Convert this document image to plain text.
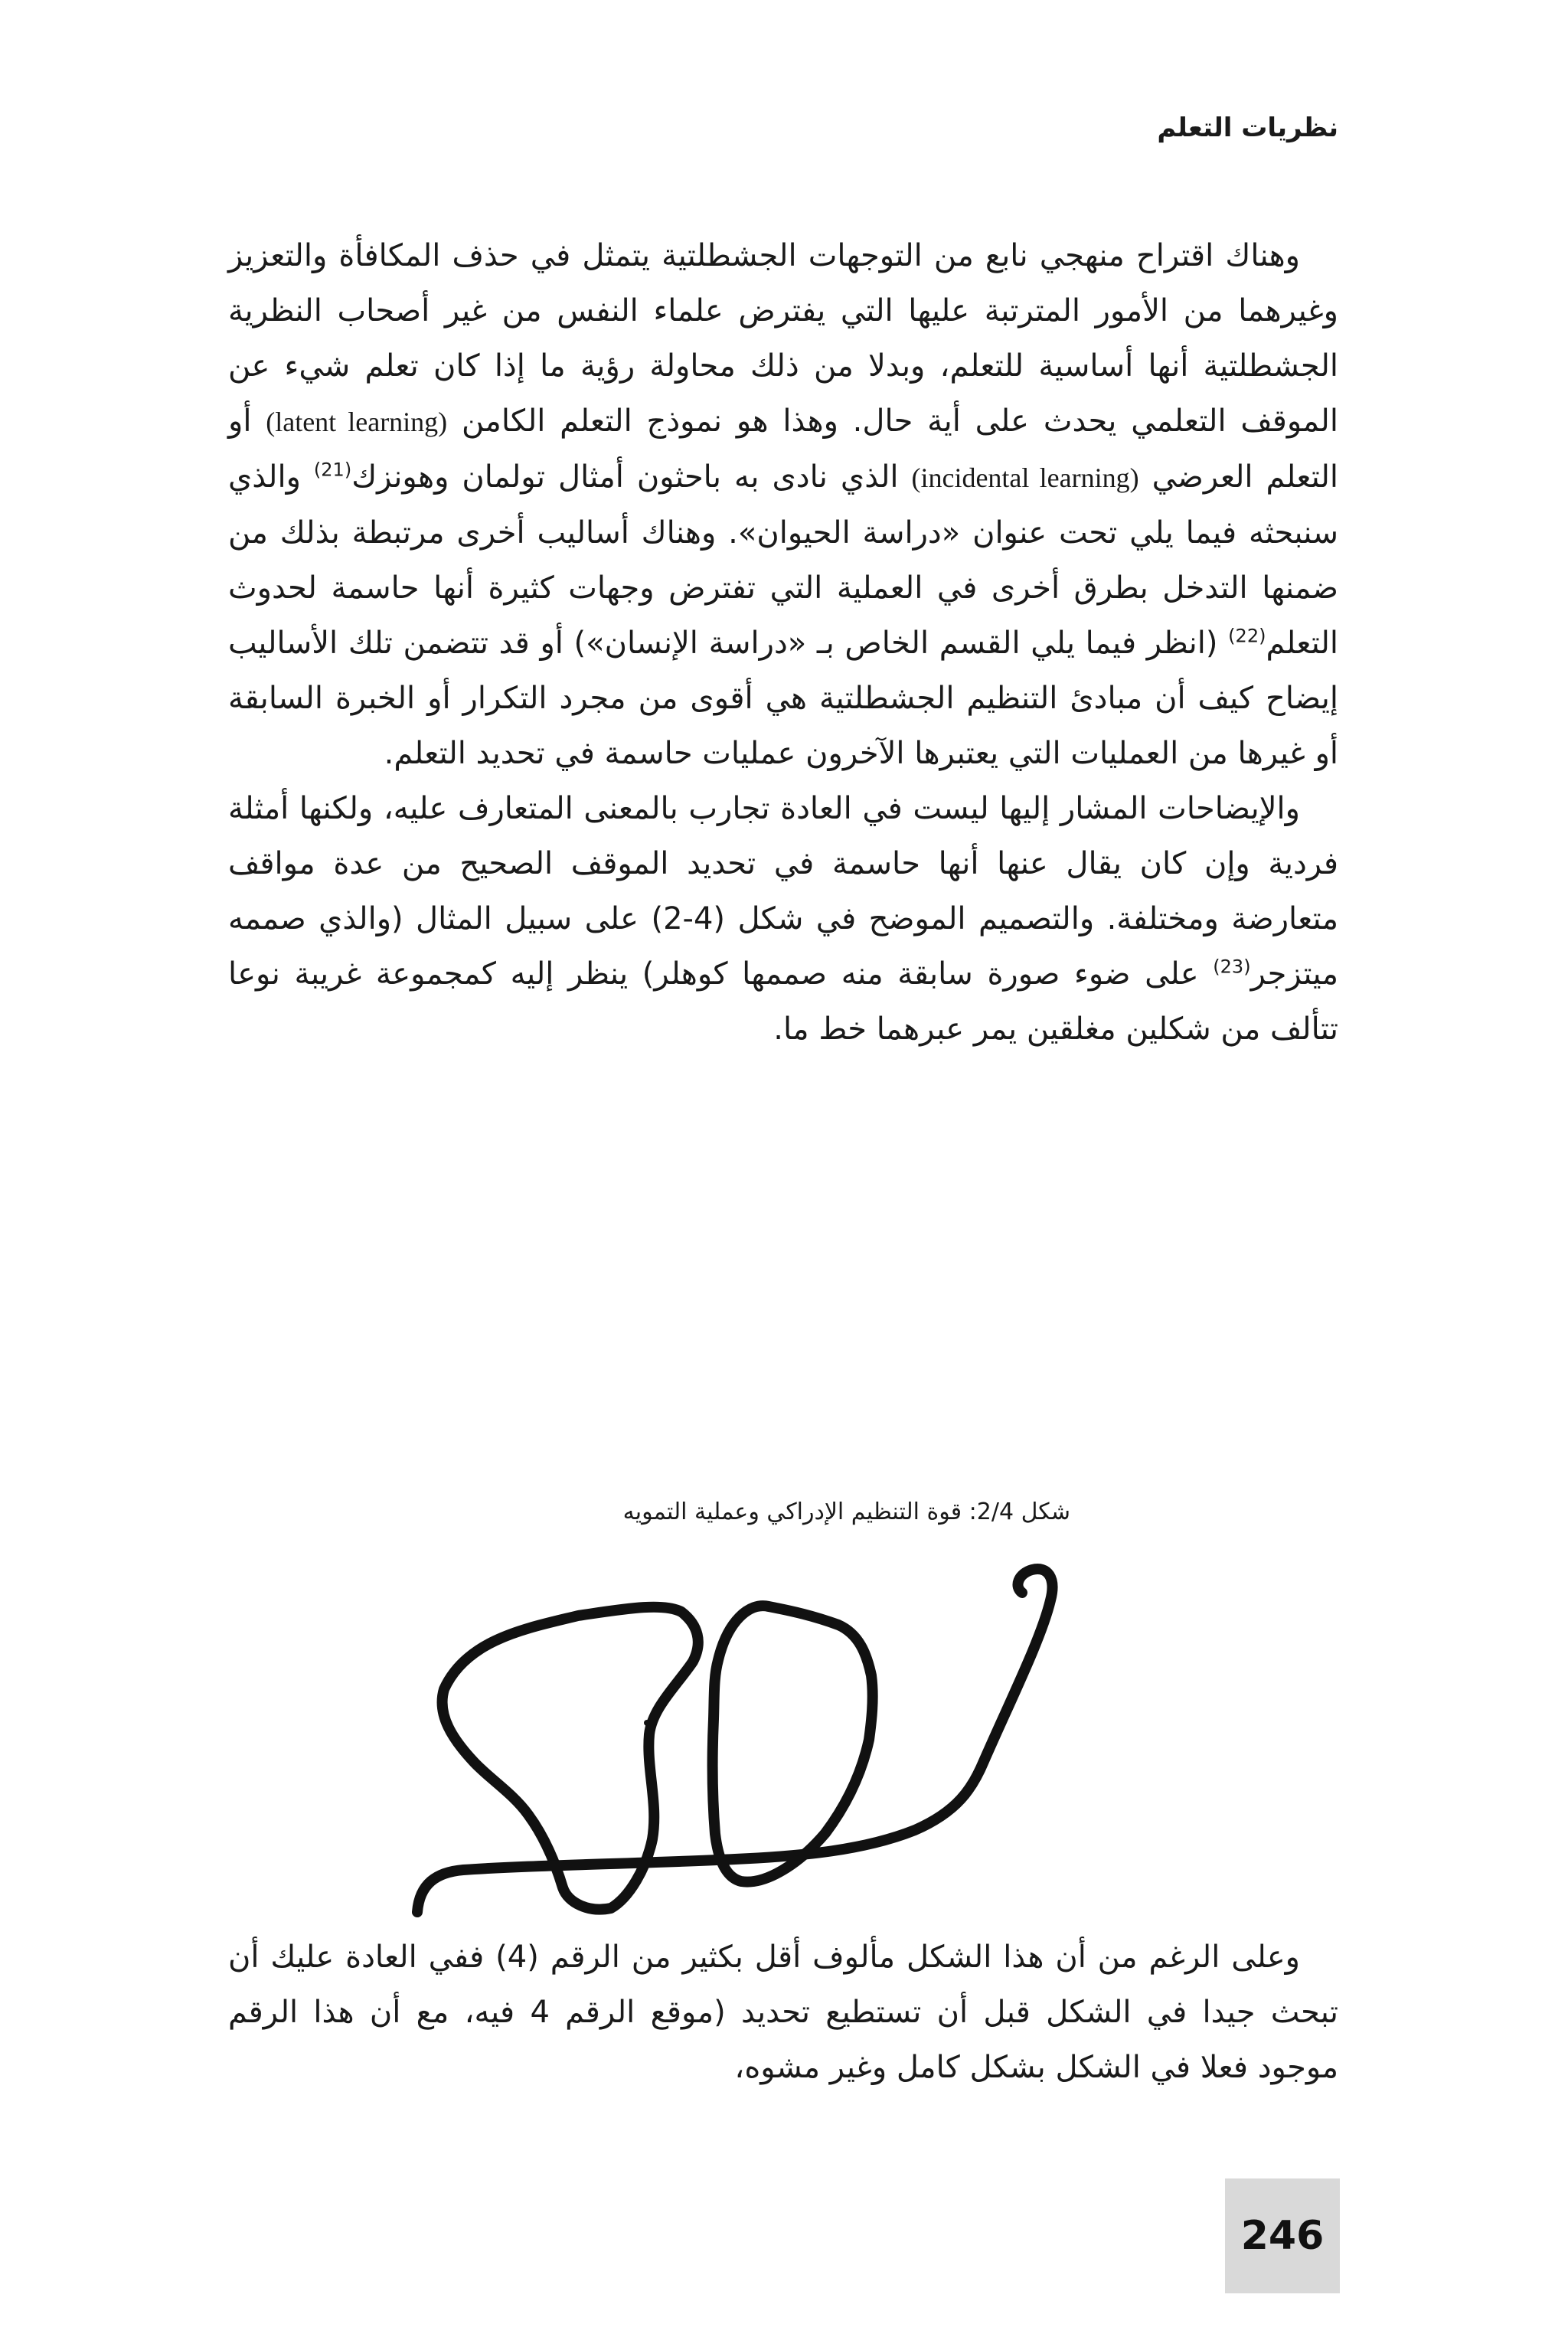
نظريات التعلم

وهناك اقتراح منهجي نابع من التوجهات الجشطلتية يتمثل في حذف المكافأة والتعزيز وغيرهما من الأمور المترتبة عليها التي يفترض علماء النفس من غير أصحاب النظرية الجشطلتية أنها أساسية للتعلم، وبدلا من ذلك محاولة رؤية ما إذا كان تعلم شيء عن الموقف التعلمي يحدث على أية حال. وهذا هو نموذج التعلم الكامن (latent learning) أو التعلم العرضي (incidental learning) الذي نادى به باحثون أمثال تولمان وهونزك$^{(21)}$ والذي سنبحثه فيما يلي تحت عنوان «دراسة الحيوان». وهناك أساليب أخرى مرتبطة بذلك من ضمنها التدخل بطرق أخرى في العملية التي تفترض وجهات كثيرة أنها حاسمة لحدوث التعلم$^{(22)}$ (انظر فيما يلي القسم الخاص بـ «دراسة الإنسان») أو قد تتضمن تلك الأساليب إيضاح كيف أن مبادئ التنظيم الجشطلتية هي أقوى من مجرد التكرار أو الخبرة السابقة أو غيرها من العمليات التي يعتبرها الآخرون عمليات حاسمة في تحديد التعلم.

والإيضاحات المشار إليها ليست في العادة تجارب بالمعنى المتعارف عليه، ولكنها أمثلة فردية وإن كان يقال عنها أنها حاسمة في تحديد الموقف الصحيح من عدة مواقف متعارضة ومختلفة. والتصميم الموضح في شكل (4-2) على سبيل المثال (والذي صممه ميتزجر$^{(23)}$ على ضوء صورة سابقة منه صممها كوهلر) ينظر إليه كمجموعة غريبة نوعا تتألف من شكلين مغلقين يمر عبرهما خط ما.

شكل 2/4: قوة التنظيم الإدراكي وعملية التمويه

وعلى الرغم من أن هذا الشكل مألوف أقل بكثير من الرقم (4) ففي العادة عليك أن تبحث جيدا في الشكل قبل أن تستطيع تحديد (موقع الرقم 4 فيه، مع أن هذا الرقم موجود فعلا في الشكل بشكل كامل وغير مشوه،

246
